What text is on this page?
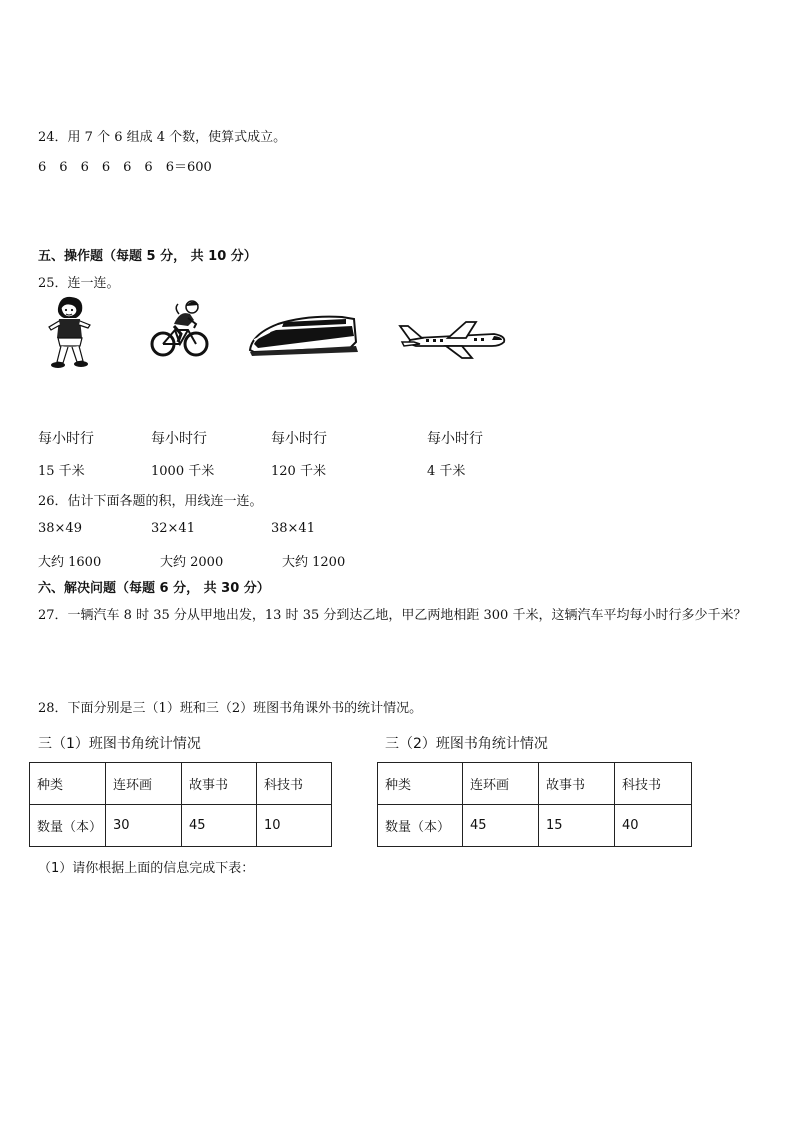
24．用 7 个 6 组成 4 个数，使算式成立。
6 6 6 6 6 6 6＝600
五、操作题（每题 5 分， 共 10 分）
25．连一连。
每小时行	每小时行	每小时行	每小时行
15 千米	1000 千米	120 千米	4 千米
26．估计下面各题的积，用线连一连。
38×49	32×41	38×41
大约 1600	大约 2000	大约 1200
六、解决问题（每题 6 分， 共 30 分）
27．一辆汽车 8 时 35 分从甲地出发，13 时 35 分到达乙地，甲乙两地相距 300 千米，这辆汽车平均每小时行多少千米？
28．下面分别是三（1）班和三（2）班图书角课外书的统计情况。
三（1）班图书角统计情况	三（2）班图书角统计情况
种类	连环画	故事书	科技书
数量（本）	30	45	10
种类	连环画	故事书	科技书
数量（本）	45	15	40
（1）请你根据上面的信息完成下表：
